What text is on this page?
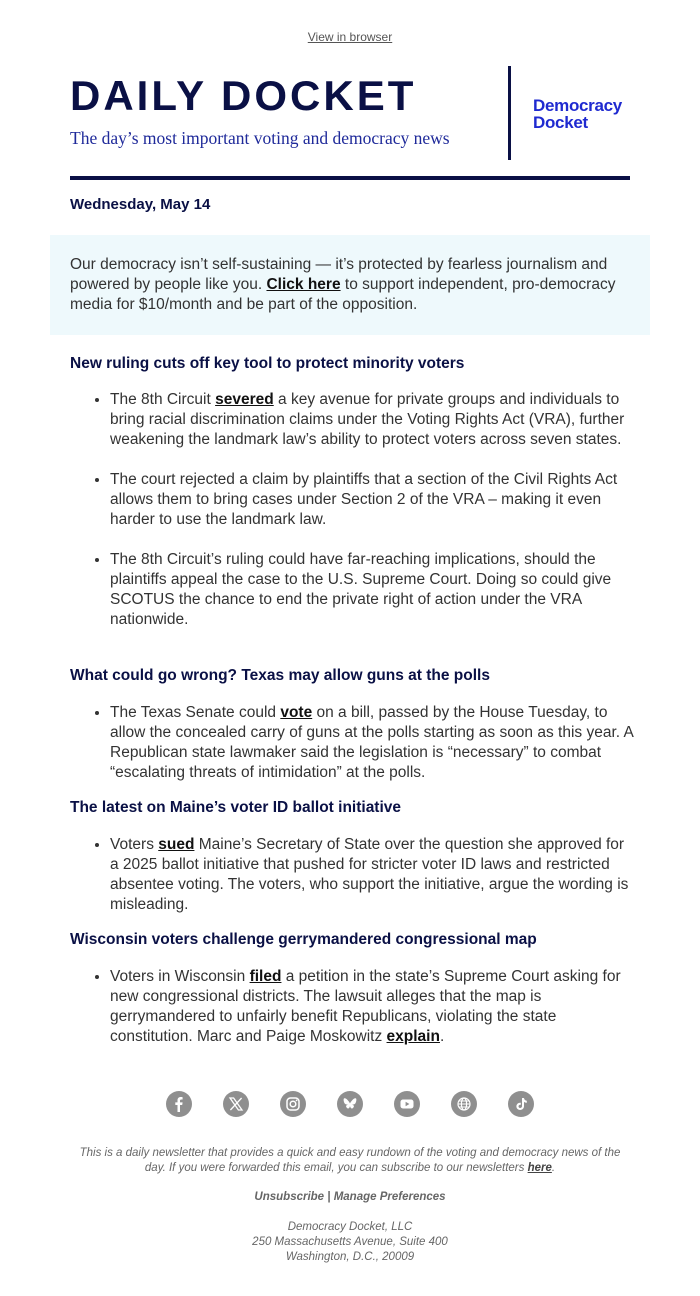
View in browser
DAILY DOCKET
The day’s most important voting and democracy news
Democracy
Docket
Wednesday, May 14

Our democracy isn’t self-sustaining — it’s protected by fearless journalism and powered by people like you. Click here to support independent, pro-democracy media for $10/month and be part of the opposition.

New ruling cuts off key tool to protect minority voters
• The 8th Circuit severed a key avenue for private groups and individuals to bring racial discrimination claims under the Voting Rights Act (VRA), further weakening the landmark law’s ability to protect voters across seven states.
• The court rejected a claim by plaintiffs that a section of the Civil Rights Act allows them to bring cases under Section 2 of the VRA – making it even harder to use the landmark law.
• The 8th Circuit’s ruling could have far-reaching implications, should the plaintiffs appeal the case to the U.S. Supreme Court. Doing so could give SCOTUS the chance to end the private right of action under the VRA nationwide.
What could go wrong? Texas may allow guns at the polls
• The Texas Senate could vote on a bill, passed by the House Tuesday, to allow the concealed carry of guns at the polls starting as soon as this year. A Republican state lawmaker said the legislation is “necessary” to combat “escalating threats of intimidation” at the polls.
The latest on Maine’s voter ID ballot initiative
• Voters sued Maine’s Secretary of State over the question she approved for a 2025 ballot initiative that pushed for stricter voter ID laws and restricted absentee voting. The voters, who support the initiative, argue the wording is misleading.
Wisconsin voters challenge gerrymandered congressional map
• Voters in Wisconsin filed a petition in the state’s Supreme Court asking for new congressional districts. The lawsuit alleges that the map is gerrymandered to unfairly benefit Republicans, violating the state constitution. Marc and Paige Moskowitz explain.

This is a daily newsletter that provides a quick and easy rundown of the voting and democracy news of the day. If you were forwarded this email, you can subscribe to our newsletters here.
Unsubscribe | Manage Preferences
Democracy Docket, LLC
250 Massachusetts Avenue, Suite 400
Washington, D.C., 20009
